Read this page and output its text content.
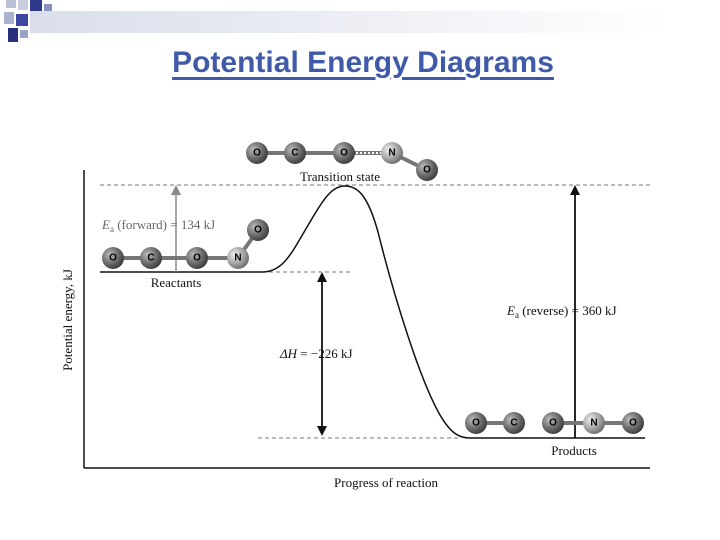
Potential Energy Diagrams
O	C	O	N
O
O	C	O	N
O
O	C	O	N	O
Transition state
Reactants
Products
Progress of reaction
Potential energy, kJ
$E_a$ (forward) = 134 kJ
$E_a$ (reverse) = 360 kJ
ΔH = −226 kJ
